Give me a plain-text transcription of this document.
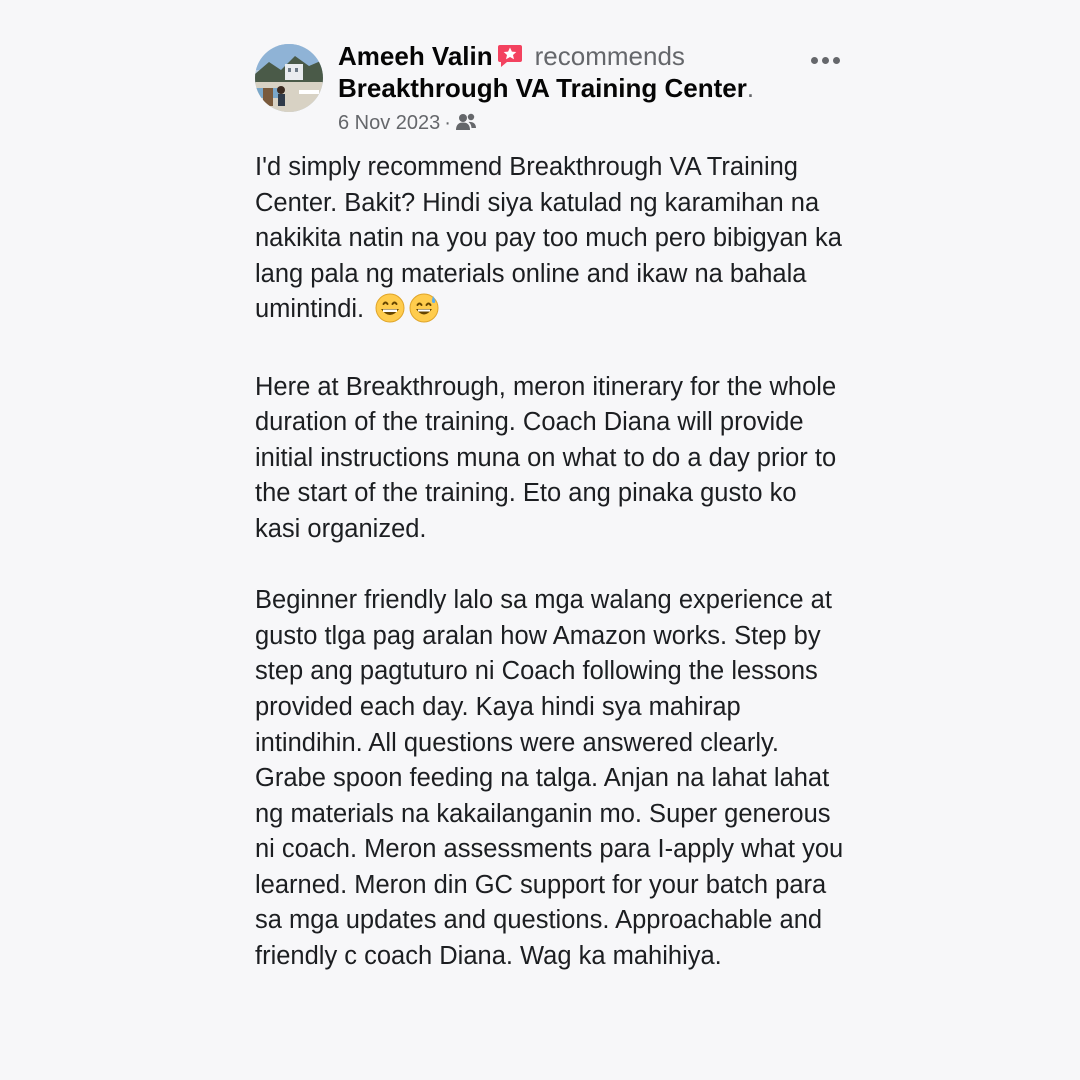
Ameeh Valin recommends
Breakthrough VA Training Center.
6 Nov 2023 ·

I'd simply recommend Breakthrough VA Training Center. Bakit? Hindi siya katulad ng karamihan na nakikita natin na you pay too much pero bibigyan ka lang pala ng materials online and ikaw na bahala umintindi.

Here at Breakthrough, meron itinerary for the whole duration of the training. Coach Diana will provide initial instructions muna on what to do a day prior to the start of the training. Eto ang pinaka gusto ko kasi organized.

Beginner friendly lalo sa mga walang experience at gusto tlga pag aralan how Amazon works. Step by step ang pagtuturo ni Coach following the lessons provided each day. Kaya hindi sya mahirap intindihin. All questions were answered clearly. Grabe spoon feeding na talga. Anjan na lahat lahat ng materials na kakailanganin mo. Super generous ni coach. Meron assessments para I-apply what you learned. Meron din GC support for your batch para sa mga updates and questions. Approachable and friendly c coach Diana. Wag ka mahihiya.
